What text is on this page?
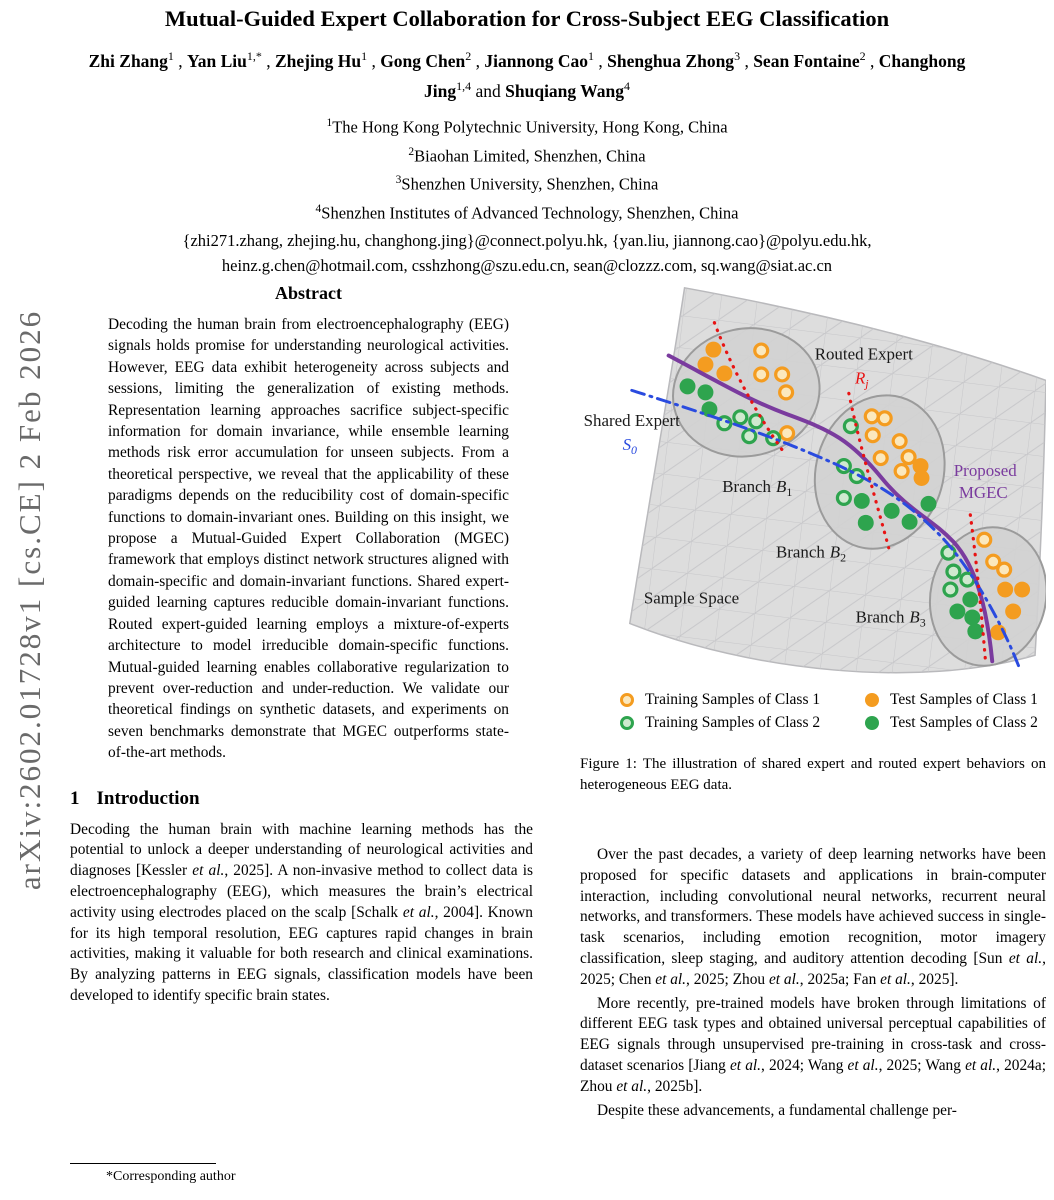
arXiv:2602.01728v1 [cs.CE] 2 Feb 2026
Mutual-Guided Expert Collaboration for Cross-Subject EEG Classification
Zhi Zhang$^1$ , Yan Liu$^{1,*}$ , Zhejing Hu$^1$ , Gong Chen$^2$ , Jiannong Cao$^1$ , Shenghua Zhong$^3$ , Sean Fontaine$^2$ , Changhong Jing$^{1,4}$ and Shuqiang Wang$^4$
$^1$The Hong Kong Polytechnic University, Hong Kong, China
$^2$Biaohan Limited, Shenzhen, China
$^3$Shenzhen University, Shenzhen, China
$^4$Shenzhen Institutes of Advanced Technology, Shenzhen, China
{zhi271.zhang, zhejing.hu, changhong.jing}@connect.polyu.hk, {yan.liu, jiannong.cao}@polyu.edu.hk,
heinz.g.chen@hotmail.com, csshzhong@szu.edu.cn, sean@clozzz.com, sq.wang@siat.ac.cn
Abstract
Decoding the human brain from electroencephalography (EEG) signals holds promise for understanding neurological activities. However, EEG data exhibit heterogeneity across subjects and sessions, limiting the generalization of existing methods. Representation learning approaches sacrifice subject-specific information for domain invariance, while ensemble learning methods risk error accumulation for unseen subjects. From a theoretical perspective, we reveal that the applicability of these paradigms depends on the reducibility cost of domain-specific functions to domain-invariant ones. Building on this insight, we propose a Mutual-Guided Expert Collaboration (MGEC) framework that employs distinct network structures aligned with domain-specific and domain-invariant functions. Shared expert-guided learning captures reducible domain-invariant functions. Routed expert-guided learning employs a mixture-of-experts architecture to model irreducible domain-specific functions. Mutual-guided learning enables collaborative regularization to prevent over-reduction and under-reduction. We validate our theoretical findings on synthetic datasets, and experiments on seven benchmarks demonstrate that MGEC outperforms state-of-the-art methods.
1 Introduction
Decoding the human brain with machine learning methods has the potential to unlock a deeper understanding of neurological activities and diagnoses [Kessler et al., 2025]. A non-invasive method to collect data is electroencephalography (EEG), which measures the brain’s electrical activity using electrodes placed on the scalp [Schalk et al., 2004]. Known for its high temporal resolution, EEG captures rapid changes in brain activities, making it valuable for both research and clinical examinations. By analyzing patterns in EEG signals, classification models have been developed to identify specific brain states.
*Corresponding author
Routed Expert
$R_j$
Shared Expert
$S_0$
Branch $B_1$
Branch $B_2$
Branch $B_3$
Sample Space
Proposed
MGEC
Training Samples of Class 1	Test Samples of Class 1
Training Samples of Class 2	Test Samples of Class 2
Figure 1: The illustration of shared expert and routed expert behaviors on heterogeneous EEG data.

Over the past decades, a variety of deep learning networks have been proposed for specific datasets and applications in brain-computer interaction, including convolutional neural networks, recurrent neural networks, and transformers. These models have achieved success in single-task scenarios, including emotion recognition, motor imagery classification, sleep staging, and auditory attention decoding [Sun et al., 2025; Chen et al., 2025; Zhou et al., 2025a; Fan et al., 2025].

More recently, pre-trained models have broken through limitations of different EEG task types and obtained universal perceptual capabilities of EEG signals through unsupervised pre-training in cross-task and cross-dataset scenarios [Jiang et al., 2024; Wang et al., 2025; Wang et al., 2024a; Zhou et al., 2025b].

Despite these advancements, a fundamental challenge per-
